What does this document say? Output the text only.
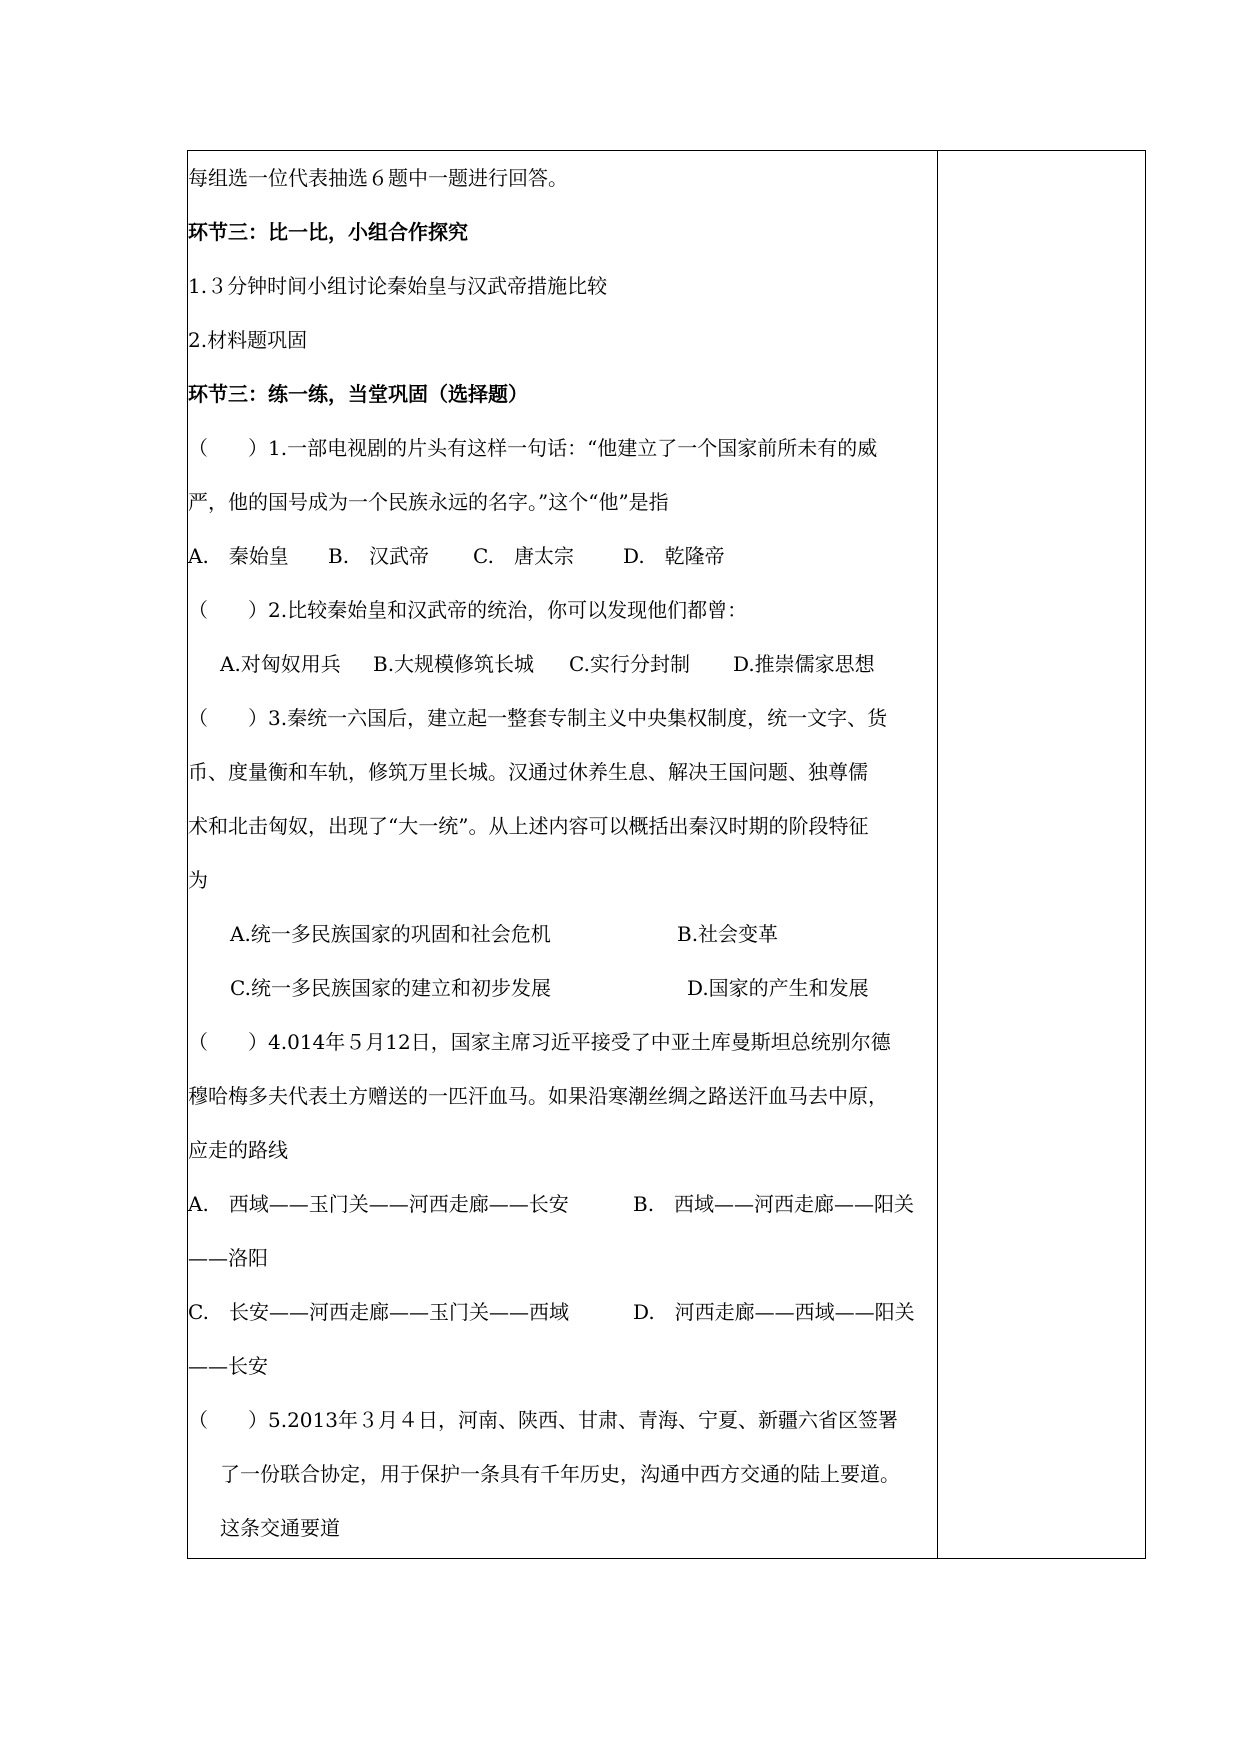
每组选一位代表抽选６题中一题进行回答。
环节三：比一比，小组合作探究
1.３分钟时间小组讨论秦始皇与汉武帝措施比较
2.材料题巩固
环节三：练一练，当堂巩固（选择题）
（　　）1.一部电视剧的片头有这样一句话：“他建立了一个国家前所未有的威
严，他的国号成为一个民族永远的名字。”这个“他”是指
A.　秦始皇 B.　汉武帝 C.　唐太宗 D.　乾隆帝
（　　）2.比较秦始皇和汉武帝的统治，你可以发现他们都曾：
A.对匈奴用兵 B.大规模修筑长城 C.实行分封制 D.推崇儒家思想
（　　）3.秦统一六国后，建立起一整套专制主义中央集权制度，统一文字、货
币、度量衡和车轨，修筑万里长城。汉通过休养生息、解决王国问题、独尊儒
术和北击匈奴，出现了“大一统”。从上述内容可以概括出秦汉时期的阶段特征
为
A.统一多民族国家的巩固和社会危机	B.社会变革
C.统一多民族国家的建立和初步发展	D.国家的产生和发展
（　　）4.014年５月12日，国家主席习近平接受了中亚土库曼斯坦总统别尔德
穆哈梅多夫代表土方赠送的一匹汗血马。如果沿寒潮丝绸之路送汗血马去中原，
应走的路线
A.　西域——玉门关——河西走廊——长安	B.　西域——河西走廊——阳关
——洛阳
C.　长安——河西走廊——玉门关——西域	D.　河西走廊——西域——阳关
——长安
（　　）5.2013年３月４日，河南、陕西、甘肃、青海、宁夏、新疆六省区签署
了一份联合协定，用于保护一条具有千年历史，沟通中西方交通的陆上要道。
这条交通要道
